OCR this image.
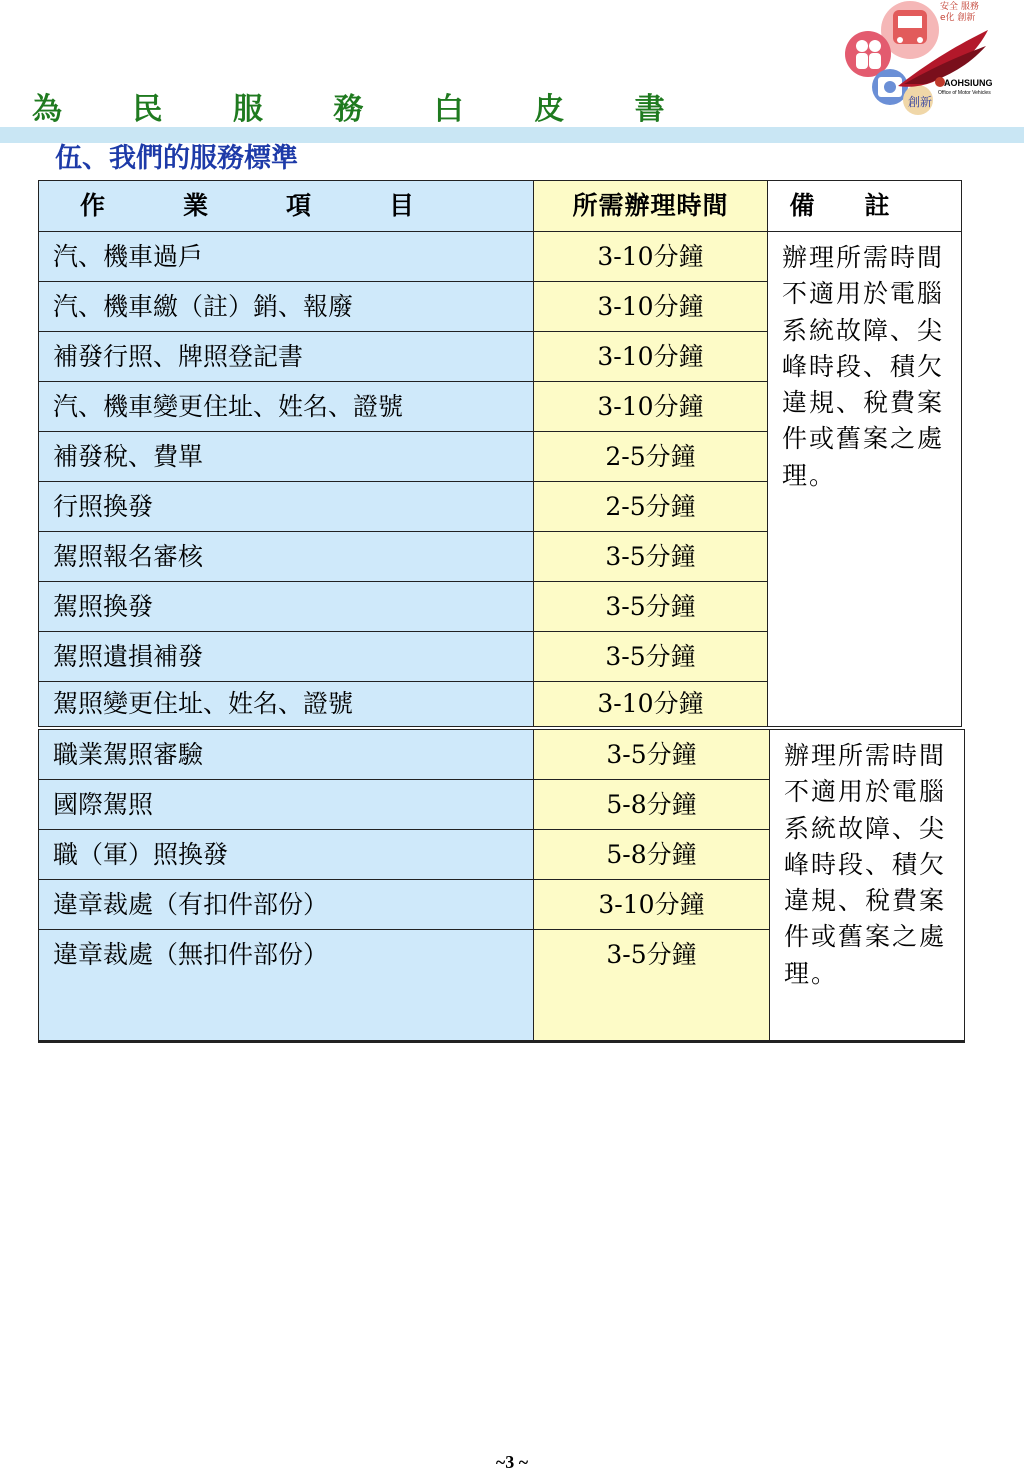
為 民 服 務 白 皮 書
伍、我們的服務標準
創新
安全 服務
e化 創新
AOHSIUNG
Office of Motor Vehicles
作業項目	所需辦理時間	備註
汽、機車過戶	3-10分鐘	辦理所需時間不適用於電腦系統故障、尖峰時段、積欠違規、稅費案件或舊案之處理。
汽、機車繳（註）銷、報廢	3-10分鐘	
補發行照、牌照登記書	3-10分鐘	
汽、機車變更住址、姓名、證號	3-10分鐘	
補發稅、費單	2-5分鐘	
行照換發	2-5分鐘	
駕照報名審核	3-5分鐘	
駕照換發	3-5分鐘	
駕照遺損補發	3-5分鐘	
駕照變更住址、姓名、證號	3-10分鐘	
職業駕照審驗	3-5分鐘	辦理所需時間不適用於電腦系統故障、尖峰時段、積欠違規、稅費案件或舊案之處理。
國際駕照	5-8分鐘	
職（軍）照換發	5-8分鐘	
違章裁處（有扣件部份）	3-10分鐘	
違章裁處（無扣件部份）	3-5分鐘	
~3 ~
